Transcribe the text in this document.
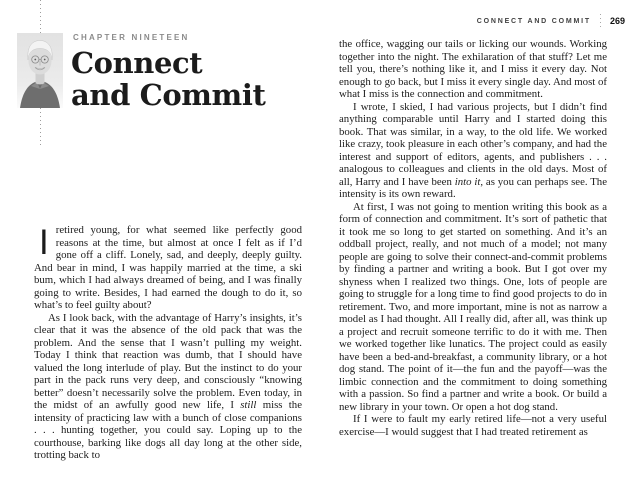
CHAPTER NINETEEN
Connect
and Commit

Iretired young, for what seemed like perfectly good reasons at the time, but almost at once I felt as if I’d gone off a cliff. Lonely, sad, and deeply, deeply guilty. And bear in mind, I was happily married at the time, a ski bum, which I had always dreamed of being, and I was finally going to write. Besides, I had earned the dough to do it, so what’s to feel guilty about?

As I look back, with the advantage of Harry’s insights, it’s clear that it was the absence of the old pack that was the problem. And the sense that I wasn’t pulling my weight. Today I think that reaction was dumb, that I should have valued the long interlude of play. But the instinct to do your part in the pack runs very deep, and consciously “knowing better” doesn’t necessarily solve the problem. Even today, in the midst of an awfully good new life, I still miss the intensity of practicing law with a bunch of close companions . . . hunting together, you could say. Loping up to the courthouse, barking like dogs all day long at the other side, trotting back to

CONNECT AND COMMIT 269

the office, wagging our tails or licking our wounds. Working together into the night. The exhilaration of that stuff? Let me tell you, there’s nothing like it, and I miss it every day. Not enough to go back, but I miss it every single day. And most of what I miss is the connection and commitment.

I wrote, I skied, I had various projects, but I didn’t find anything comparable until Harry and I started doing this book. That was similar, in a way, to the old life. We worked like crazy, took pleasure in each other’s company, and had the interest and support of editors, agents, and publishers . . . analogous to colleagues and clients in the old days. Most of all, Harry and I have been into it, as you can perhaps see. The intensity is its own reward.

At first, I was not going to mention writing this book as a form of connection and commitment. It’s sort of pathetic that it took me so long to get started on something. And it’s an oddball project, really, and not much of a model; not many people are going to solve their connect-and-commit problems by finding a partner and writing a book. But I got over my shyness when I realized two things. One, lots of people are going to struggle for a long time to find good projects to do in retirement. Two, and more important, mine is not as narrow a model as I had thought. All I really did, after all, was think up a project and recruit someone terrific to do it with me. Then we worked together like lunatics. The project could as easily have been a bed-and-breakfast, a community library, or a hot dog stand. The point of it—the fun and the payoff—was the limbic connection and the commitment to doing something with a passion. So find a partner and write a book. Or build a new library in your town. Or open a hot dog stand.

If I were to fault my early retired life—not a very useful exercise—I would suggest that I had treated retirement as
